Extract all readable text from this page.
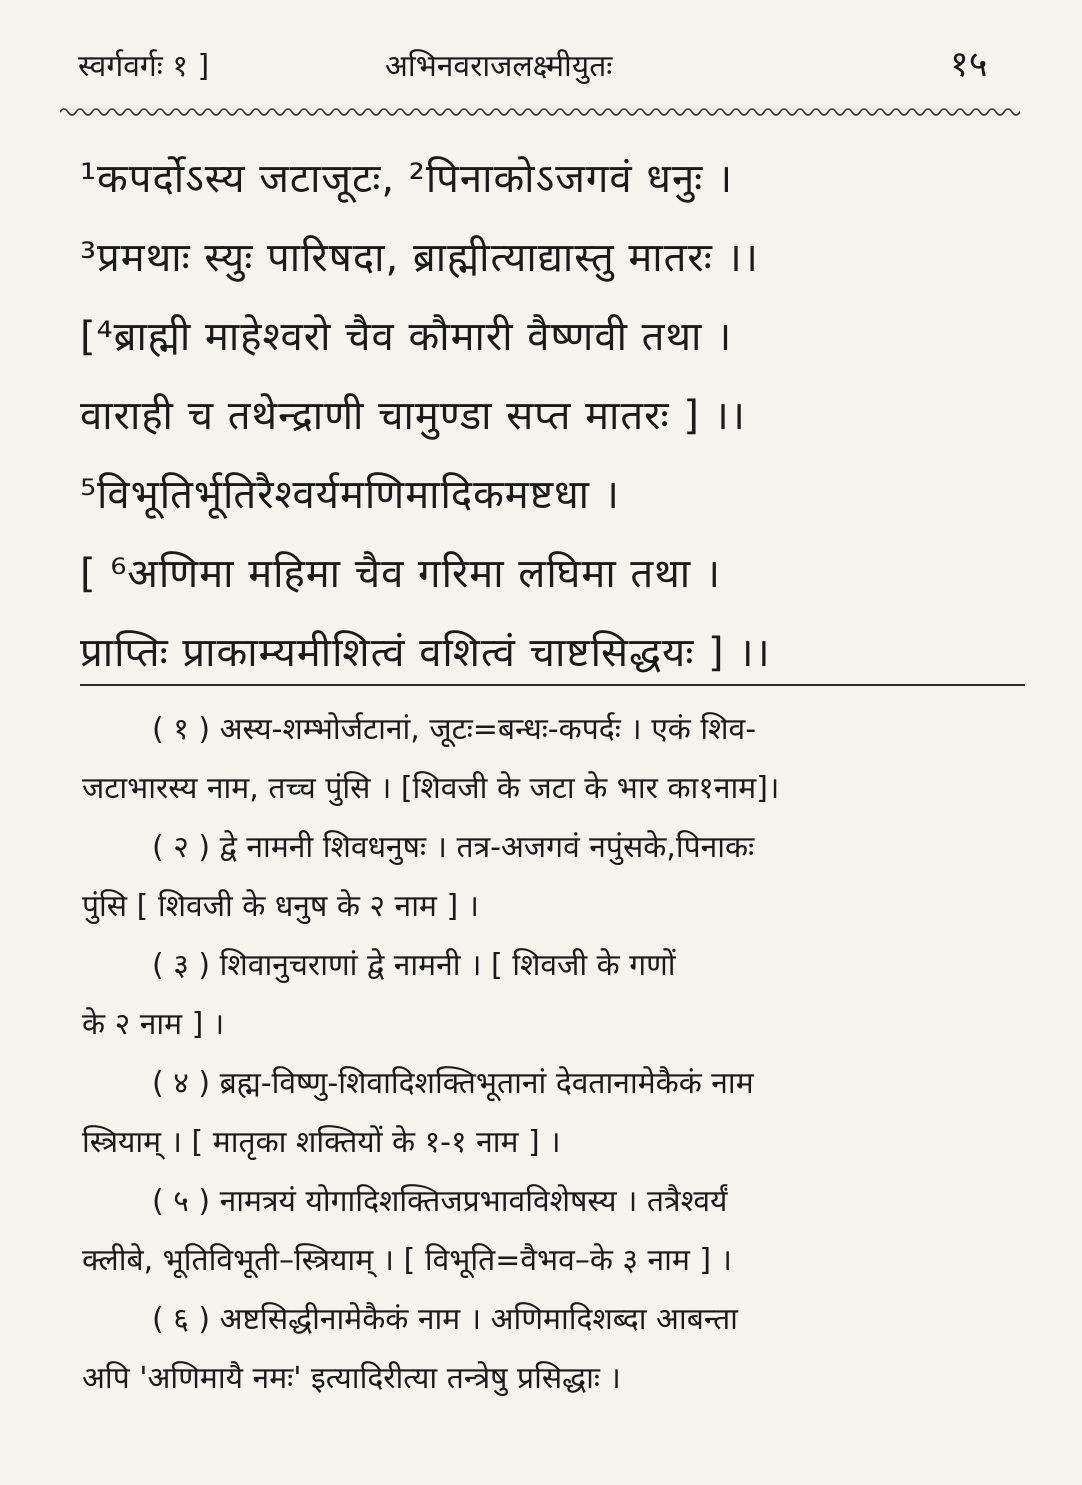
स्वर्गवर्गः १ ]	अभिनवराजलक्ष्मीयुतः	१५
¹कपर्दोऽस्य जटाजूटः, ²पिनाकोऽजगवं धनुः ।
³प्रमथाः स्युः पारिषदा, ब्राह्मीत्याद्यास्तु मातरः ।।
[⁴ब्राह्मी माहेश्वरो चैव कौमारी वैष्णवी तथा ।
वाराही च तथेन्द्राणी चामुण्डा सप्त मातरः ] ।।
⁵विभूतिर्भूतिरैश्वर्यमणिमादिकमष्टधा ।
[ ⁶अणिमा महिमा चैव गरिमा लघिमा तथा ।
प्राप्तिः प्राकाम्यमीशित्वं वशित्वं चाष्टसिद्धयः ] ।।
( १ ) अस्य-शम्भोर्जटानां, जूटः=बन्धः-कपर्दः । एकं शिव-
जटाभारस्य नाम, तच्च पुंसि । [शिवजी के जटा के भार का१नाम]।
( २ ) द्वे नामनी शिवधनुषः । तत्र-अजगवं नपुंसके,पिनाकः
पुंसि [ शिवजी के धनुष के २ नाम ] ।
( ३ ) शिवानुचराणां द्वे नामनी । [ शिवजी के गणों
के २ नाम ] ।
( ४ ) ब्रह्म-विष्णु-शिवादिशक्तिभूतानां देवतानामेकैकं नाम
स्त्रियाम् । [ मातृका शक्तियों के १-१ नाम ] ।
( ५ ) नामत्रयं योगादिशक्तिजप्रभावविशेषस्य । तत्रैश्वर्यं
क्लीबे, भूतिविभूती–स्त्रियाम् । [ विभूति=वैभव–के ३ नाम ] ।
( ६ ) अष्टसिद्धीनामेकैकं नाम । अणिमादिशब्दा आबन्ता
अपि 'अणिमायै नमः' इत्यादिरीत्या तन्त्रेषु प्रसिद्धाः ।
